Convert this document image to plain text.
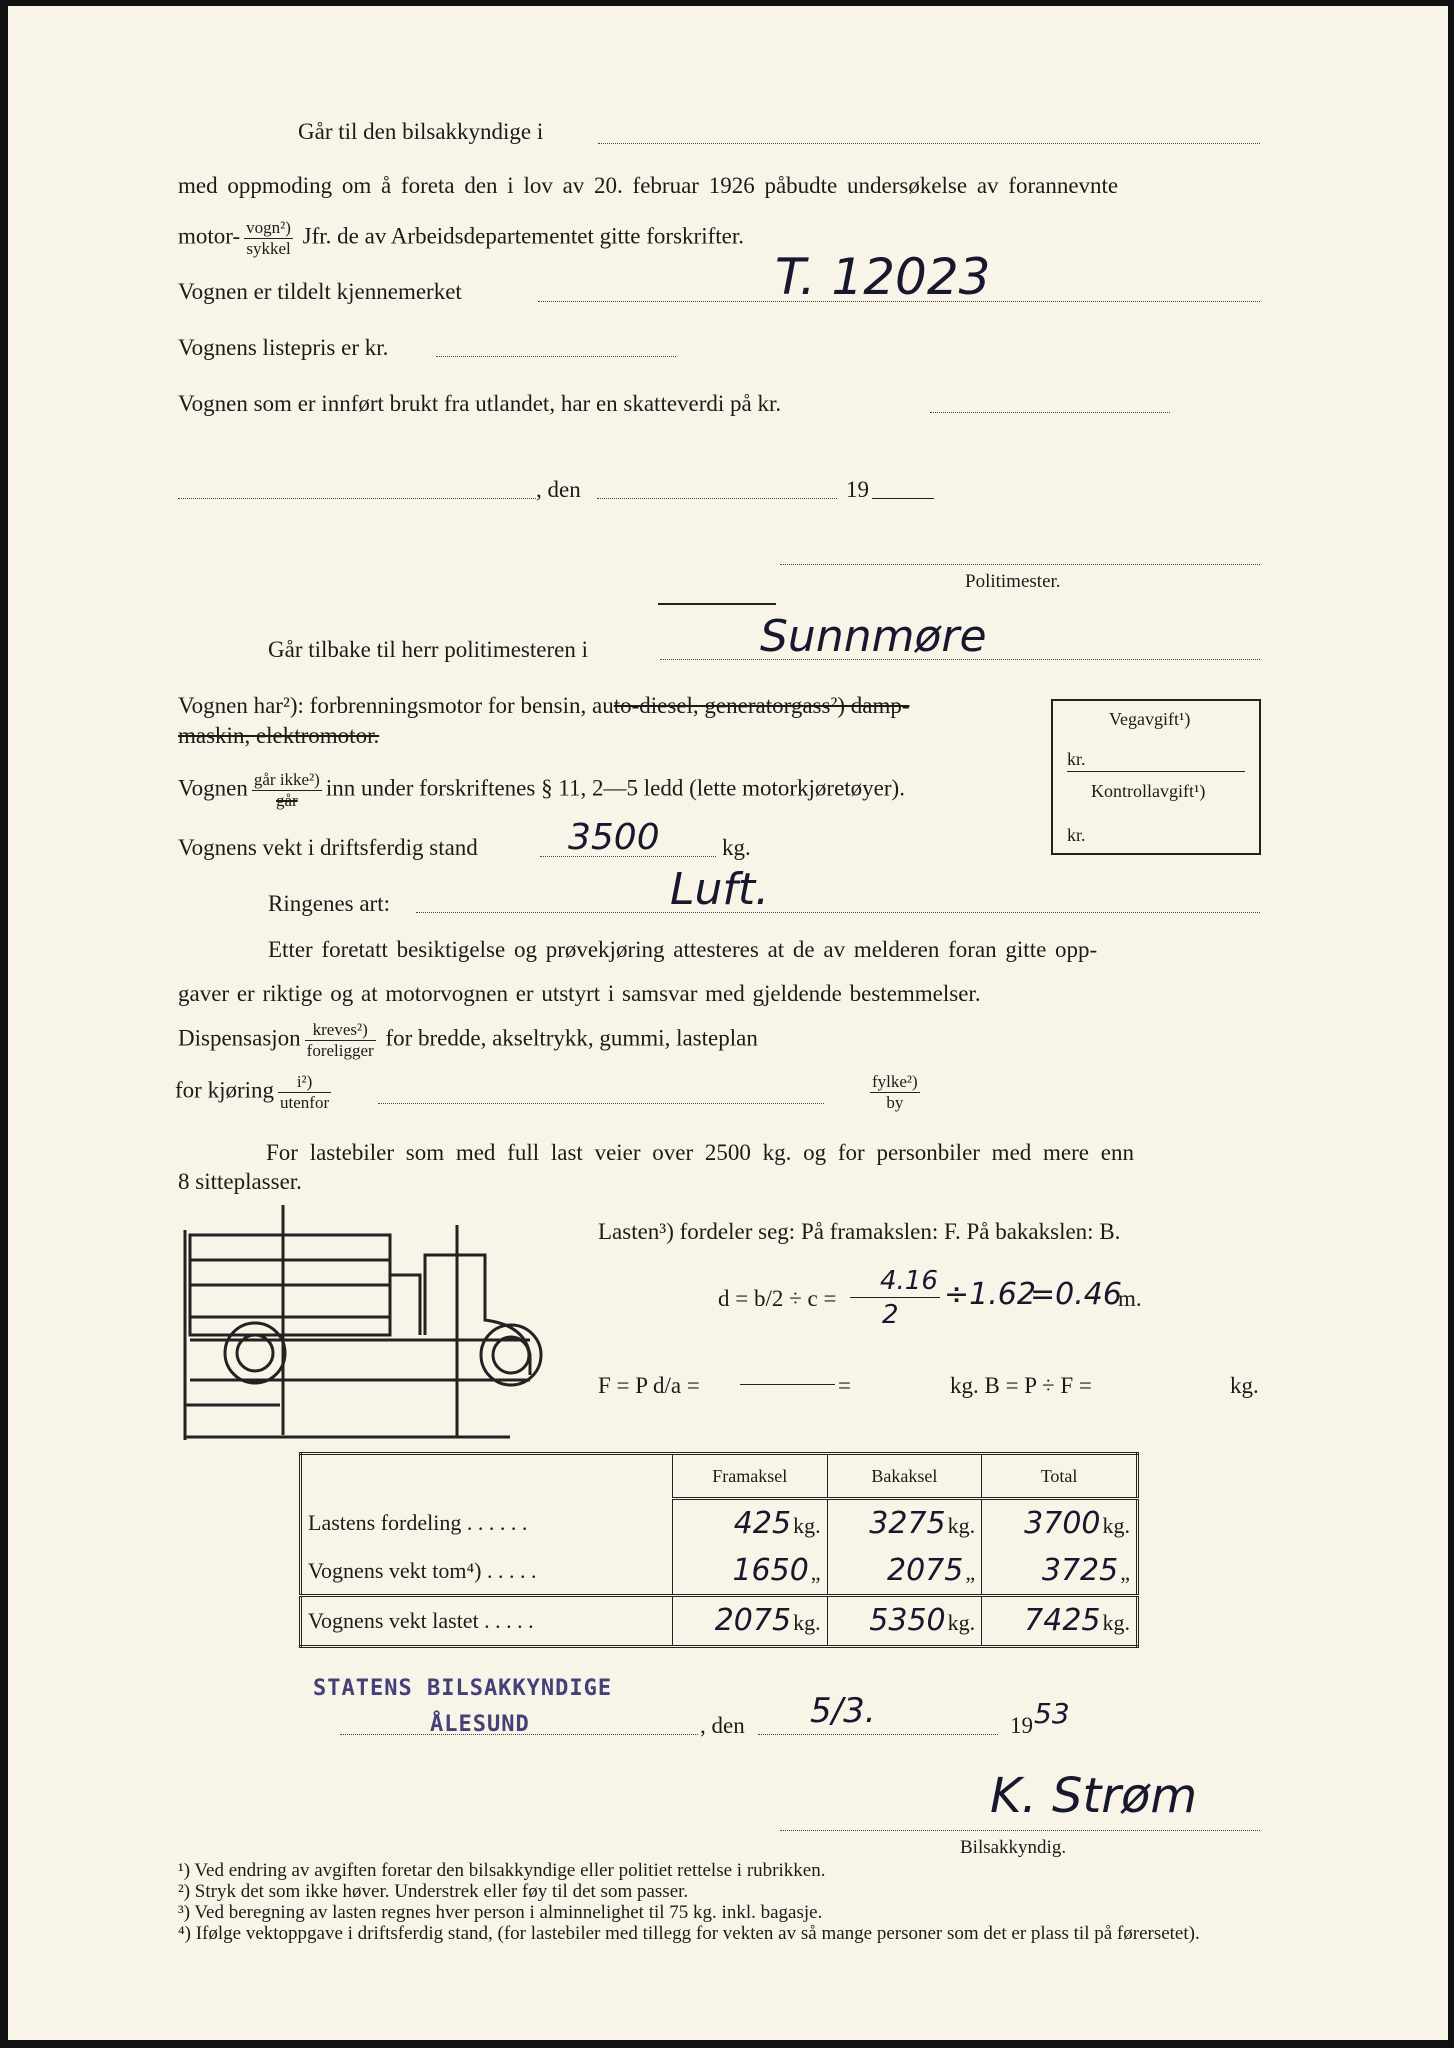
Går til den bilsakkyndige i
med oppmoding om å foreta den i lov av 20. februar 1926 påbudte undersøkelse av forannevnte
motor- $\frac{\text{vogn²)}}{\text{sykkel}}$ Jfr. de av Arbeidsdepartementet gitte forskrifter.
Vognen er tildelt kjennemerket	T. 12023
Vognens listepris er kr.
Vognen som er innført brukt fra utlandet, har en skatteverdi på kr.
, den	19
Politimester.
Går tilbake til herr politimesteren i	Sunnmøre
Vognen har²): forbrenningsmotor for bensin, auto-diesel, generatorgass²) damp-
maskin, elektromotor.
Vegavgift¹)
kr.
Kontrollavgift¹)
kr.
Vognen $\frac{\text{går ikke²)}}{\text{går}}$ inn under forskriftenes § 11, 2—5 ledd (lette motorkjøretøyer).
Vognens vekt i driftsferdig stand	3500	kg.
Ringenes art:	Luft.
Etter foretatt besiktigelse og prøvekjøring attesteres at de av melderen foran gitte opp-
gaver er riktige og at motorvognen er utstyrt i samsvar med gjeldende bestemmelser.
Dispensasjon $\frac{\text{kreves²)}}{\text{foreligger}}$ for bredde, akseltrykk, gummi, lasteplan
for kjøring $\frac{\text{i²)}}{\text{utenfor}}$	$\frac{\text{fylke²)}}{by}$
For lastebiler som med full last veier over 2500 kg. og for personbiler med mere enn
8 sitteplasser.
Lasten³) fordeler seg: På framakslen: F. På bakakslen: B.
d = b/2 ÷ c =
4.16
2
÷1.62
=0.46
m.
F = P d/a =	=	kg. B = P ÷ F =	kg.
	Framaksel	Bakaksel	Total
Lastens fordeling . . . . . .	425 kg.	3275 kg.	3700 kg.

Vognens vekt tom⁴) . . . . .	1650 „	2075 „	3725 „

Vognens vekt lastet . . . . .	2075 kg.	5350 kg.	7425 kg.
STATENS BILSAKKYNDIGE
ÅLESUND	, den 5/3.	19 53
K. Strøm
Bilsakkyndig.
¹) Ved endring av avgiften foretar den bilsakkyndige eller politiet rettelse i rubrikken.
²) Stryk det som ikke høver. Understrek eller føy til det som passer.
³) Ved beregning av lasten regnes hver person i alminnelighet til 75 kg. inkl. bagasje.
⁴) Ifølge vektoppgave i driftsferdig stand, (for lastebiler med tillegg for vekten av så mange personer som det er plass til på førersetet).
